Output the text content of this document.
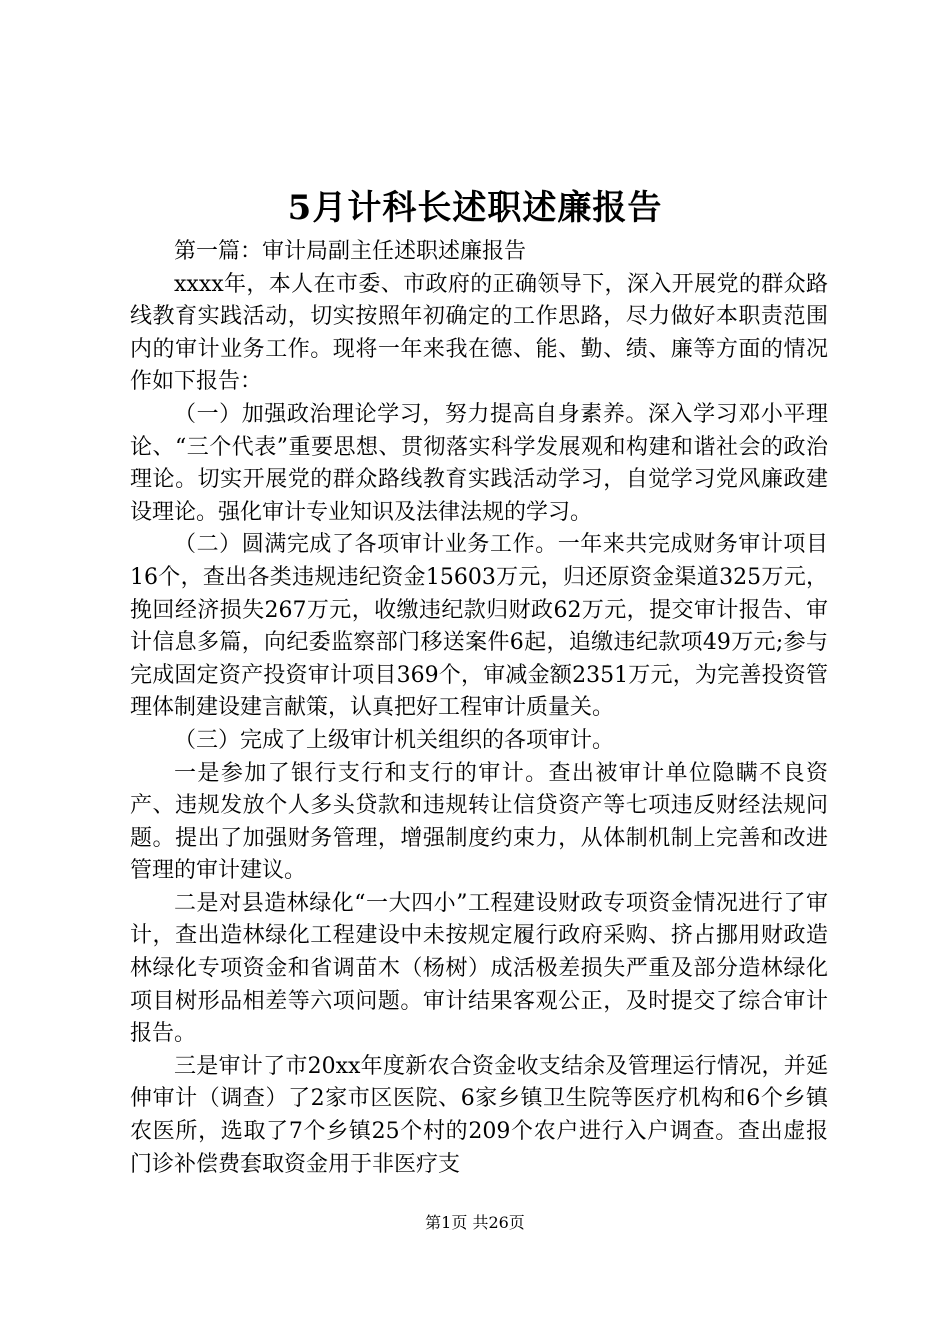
5月计科长述职述廉报告

第一篇：审计局副主任述职述廉报告

xxxx年，本人在市委、市政府的正确领导下，深入开展党的群众路线教育实践活动，切实按照年初确定的工作思路，尽力做好本职责范围内的审计业务工作。现将一年来我在德、能、勤、绩、廉等方面的情况作如下报告：

（一）加强政治理论学习，努力提高自身素养。深入学习邓小平理论、“三个代表”重要思想、贯彻落实科学发展观和构建和谐社会的政治理论。切实开展党的群众路线教育实践活动学习，自觉学习党风廉政建设理论。强化审计专业知识及法律法规的学习。

（二）圆满完成了各项审计业务工作。一年来共完成财务审计项目16个，查出各类违规违纪资金15603万元，归还原资金渠道325万元，挽回经济损失267万元，收缴违纪款归财政62万元，提交审计报告、审计信息多篇，向纪委监察部门移送案件6起，追缴违纪款项49万元;参与完成固定资产投资审计项目369个，审减金额2351万元，为完善投资管理体制建设建言献策，认真把好工程审计质量关。

（三）完成了上级审计机关组织的各项审计。

一是参加了银行支行和支行的审计。查出被审计单位隐瞒不良资产、违规发放个人多头贷款和违规转让信贷资产等七项违反财经法规问题。提出了加强财务管理，增强制度约束力，从体制机制上完善和改进管理的审计建议。

二是对县造林绿化“一大四小”工程建设财政专项资金情况进行了审计，查出造林绿化工程建设中未按规定履行政府采购、挤占挪用财政造林绿化专项资金和省调苗木（杨树）成活极差损失严重及部分造林绿化项目树形品相差等六项问题。审计结果客观公正，及时提交了综合审计报告。

三是审计了市20xx年度新农合资金收支结余及管理运行情况，并延伸审计（调查）了2家市区医院、6家乡镇卫生院等医疗机构和6个乡镇农医所，选取了7个乡镇25个村的209个农户进行入户调查。查出虚报门诊补偿费套取资金用于非医疗支

第1页 共26页
